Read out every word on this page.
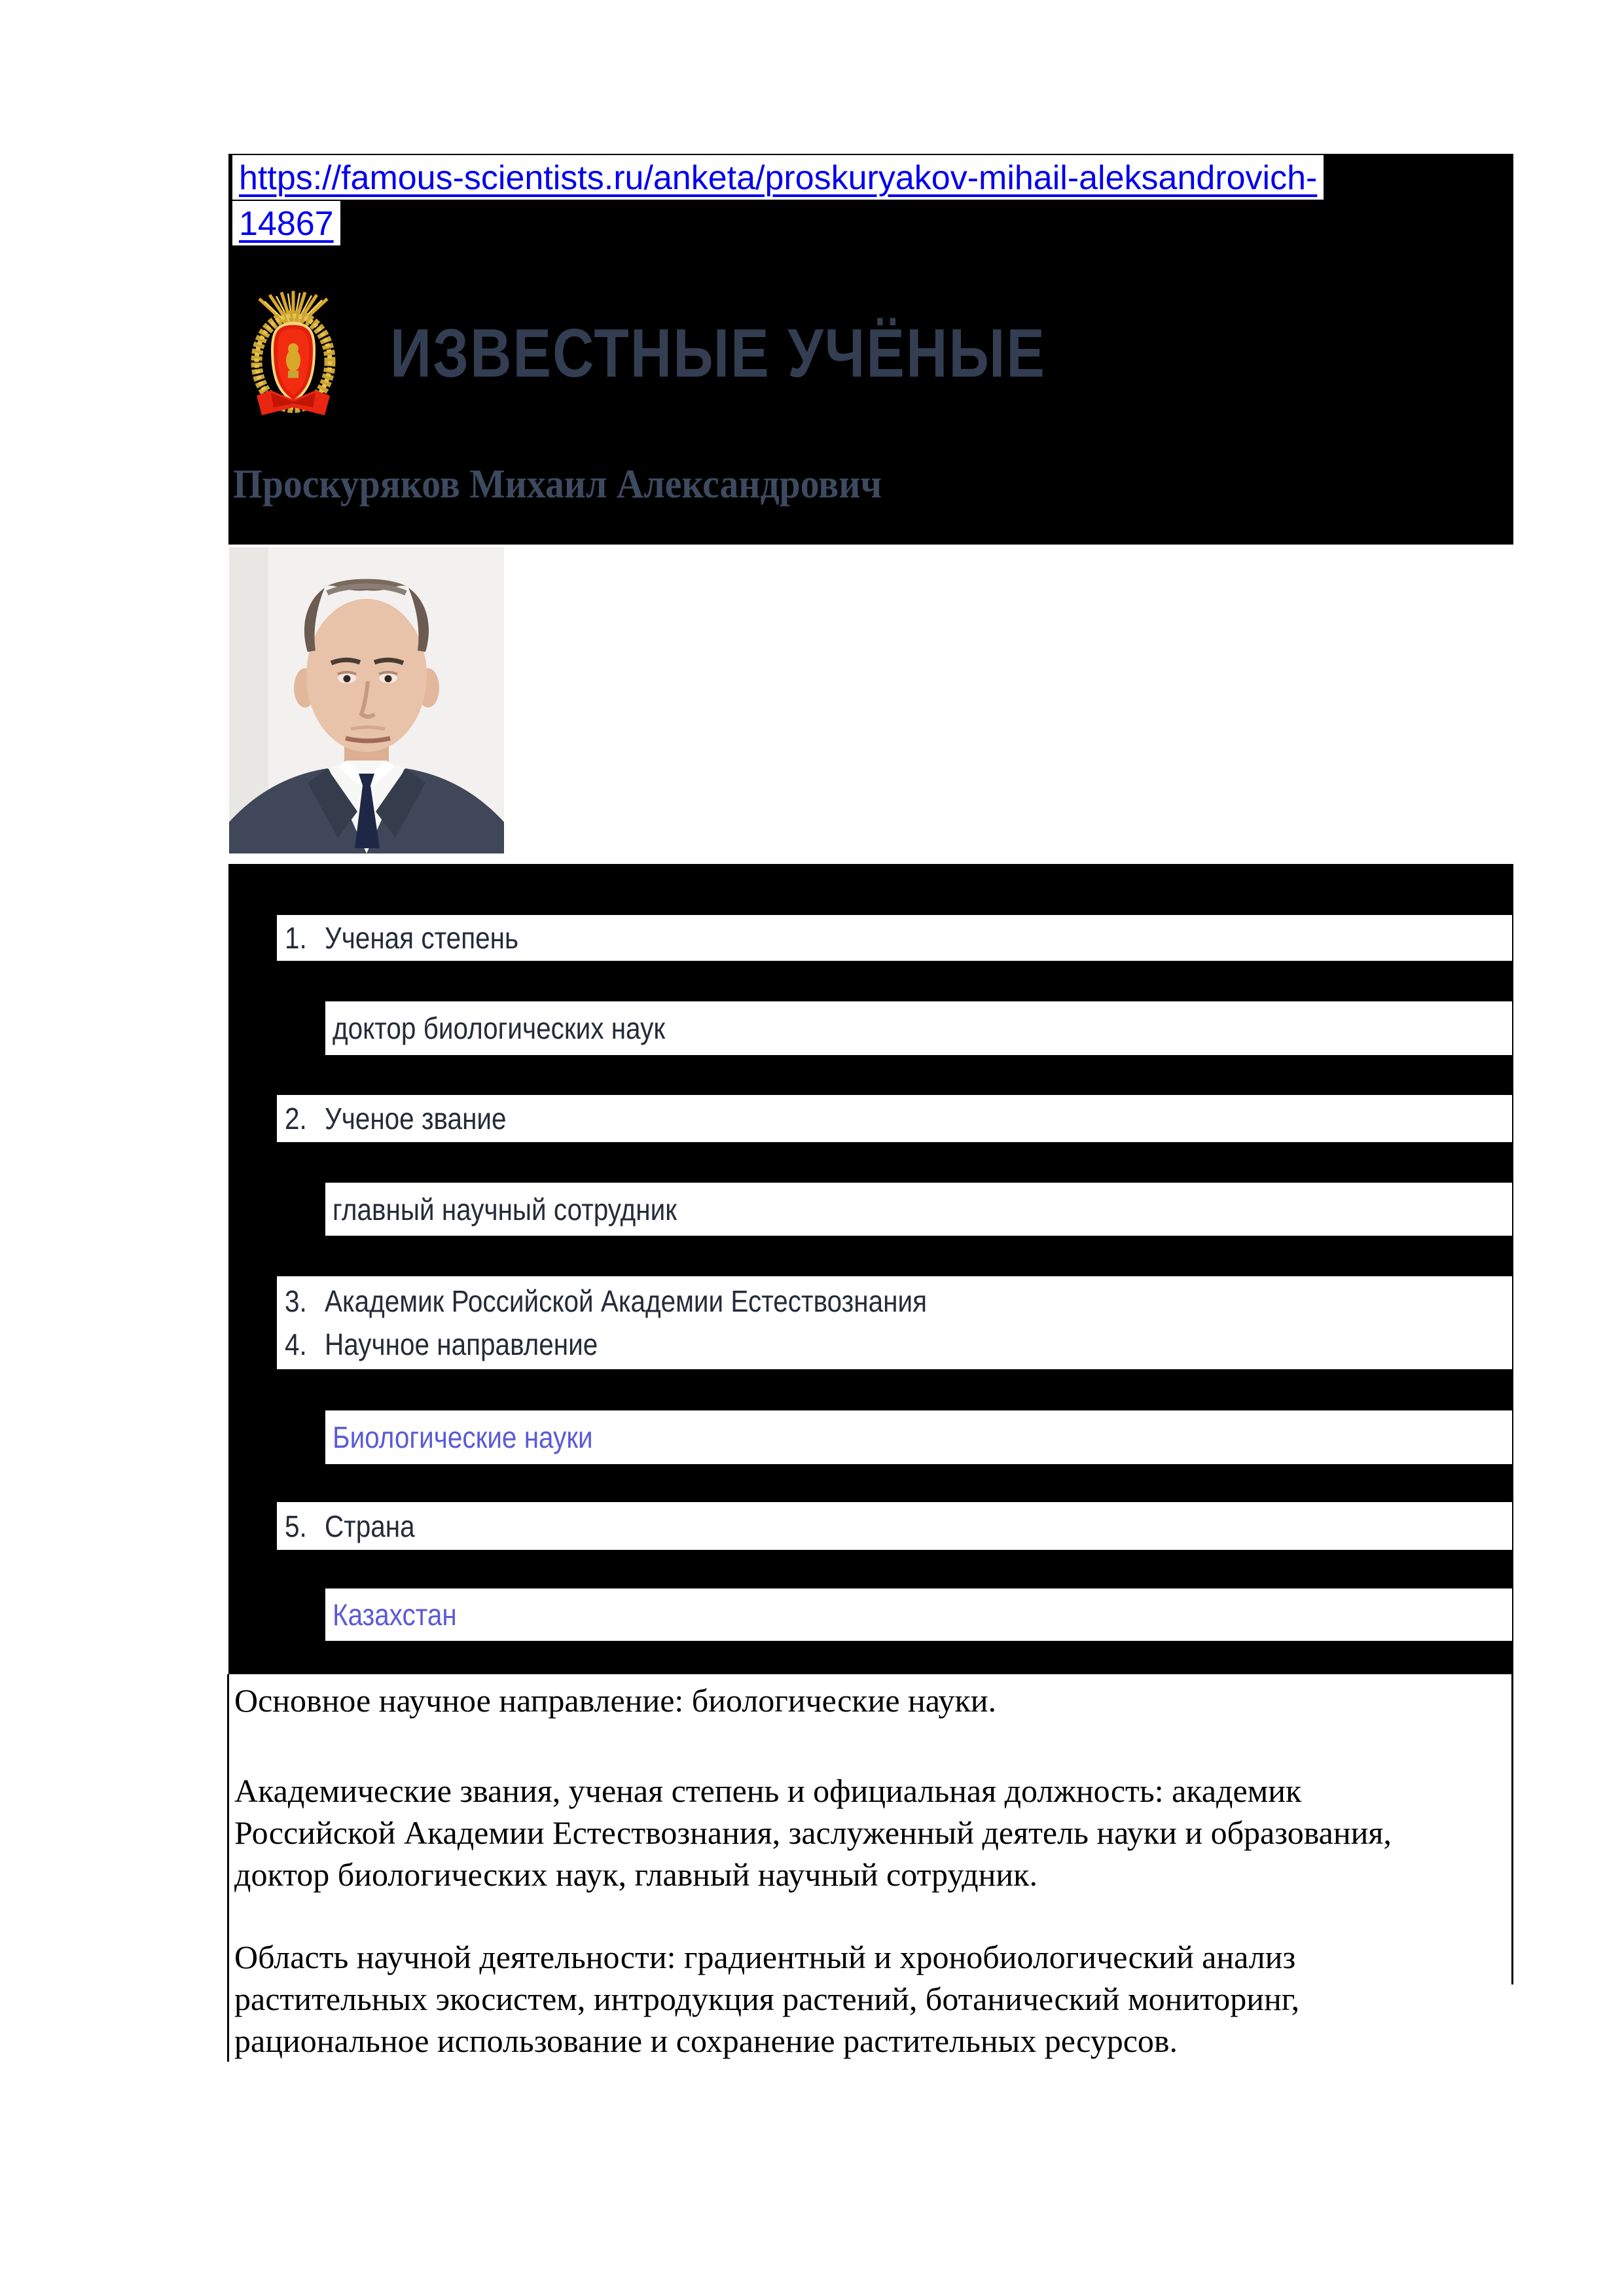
https://famous-scientists.ru/anketa/proskuryakov-mihail-aleksandrovich-
14867
ИЗВЕСТНЫЕ УЧЁНЫЕ
Проскуряков Михаил Александрович
1. Ученая степень
доктор биологических наук
2. Ученое звание
главный научный сотрудник
3. Академик Российской Академии Естествознания
4. Научное направление
Биологические науки
5. Страна
Казахстан

Основное научное направление: биологические науки.

Академические звания, ученая степень и официальная должность: академик Российской Академии Естествознания, заслуженный деятель науки и образования, доктор биологических наук, главный научный сотрудник.

Область научной деятельности: градиентный и хронобиологический анализ растительных экосистем, интродукция растений, ботанический мониторинг, рациональное использование и сохранение растительных ресурсов.
